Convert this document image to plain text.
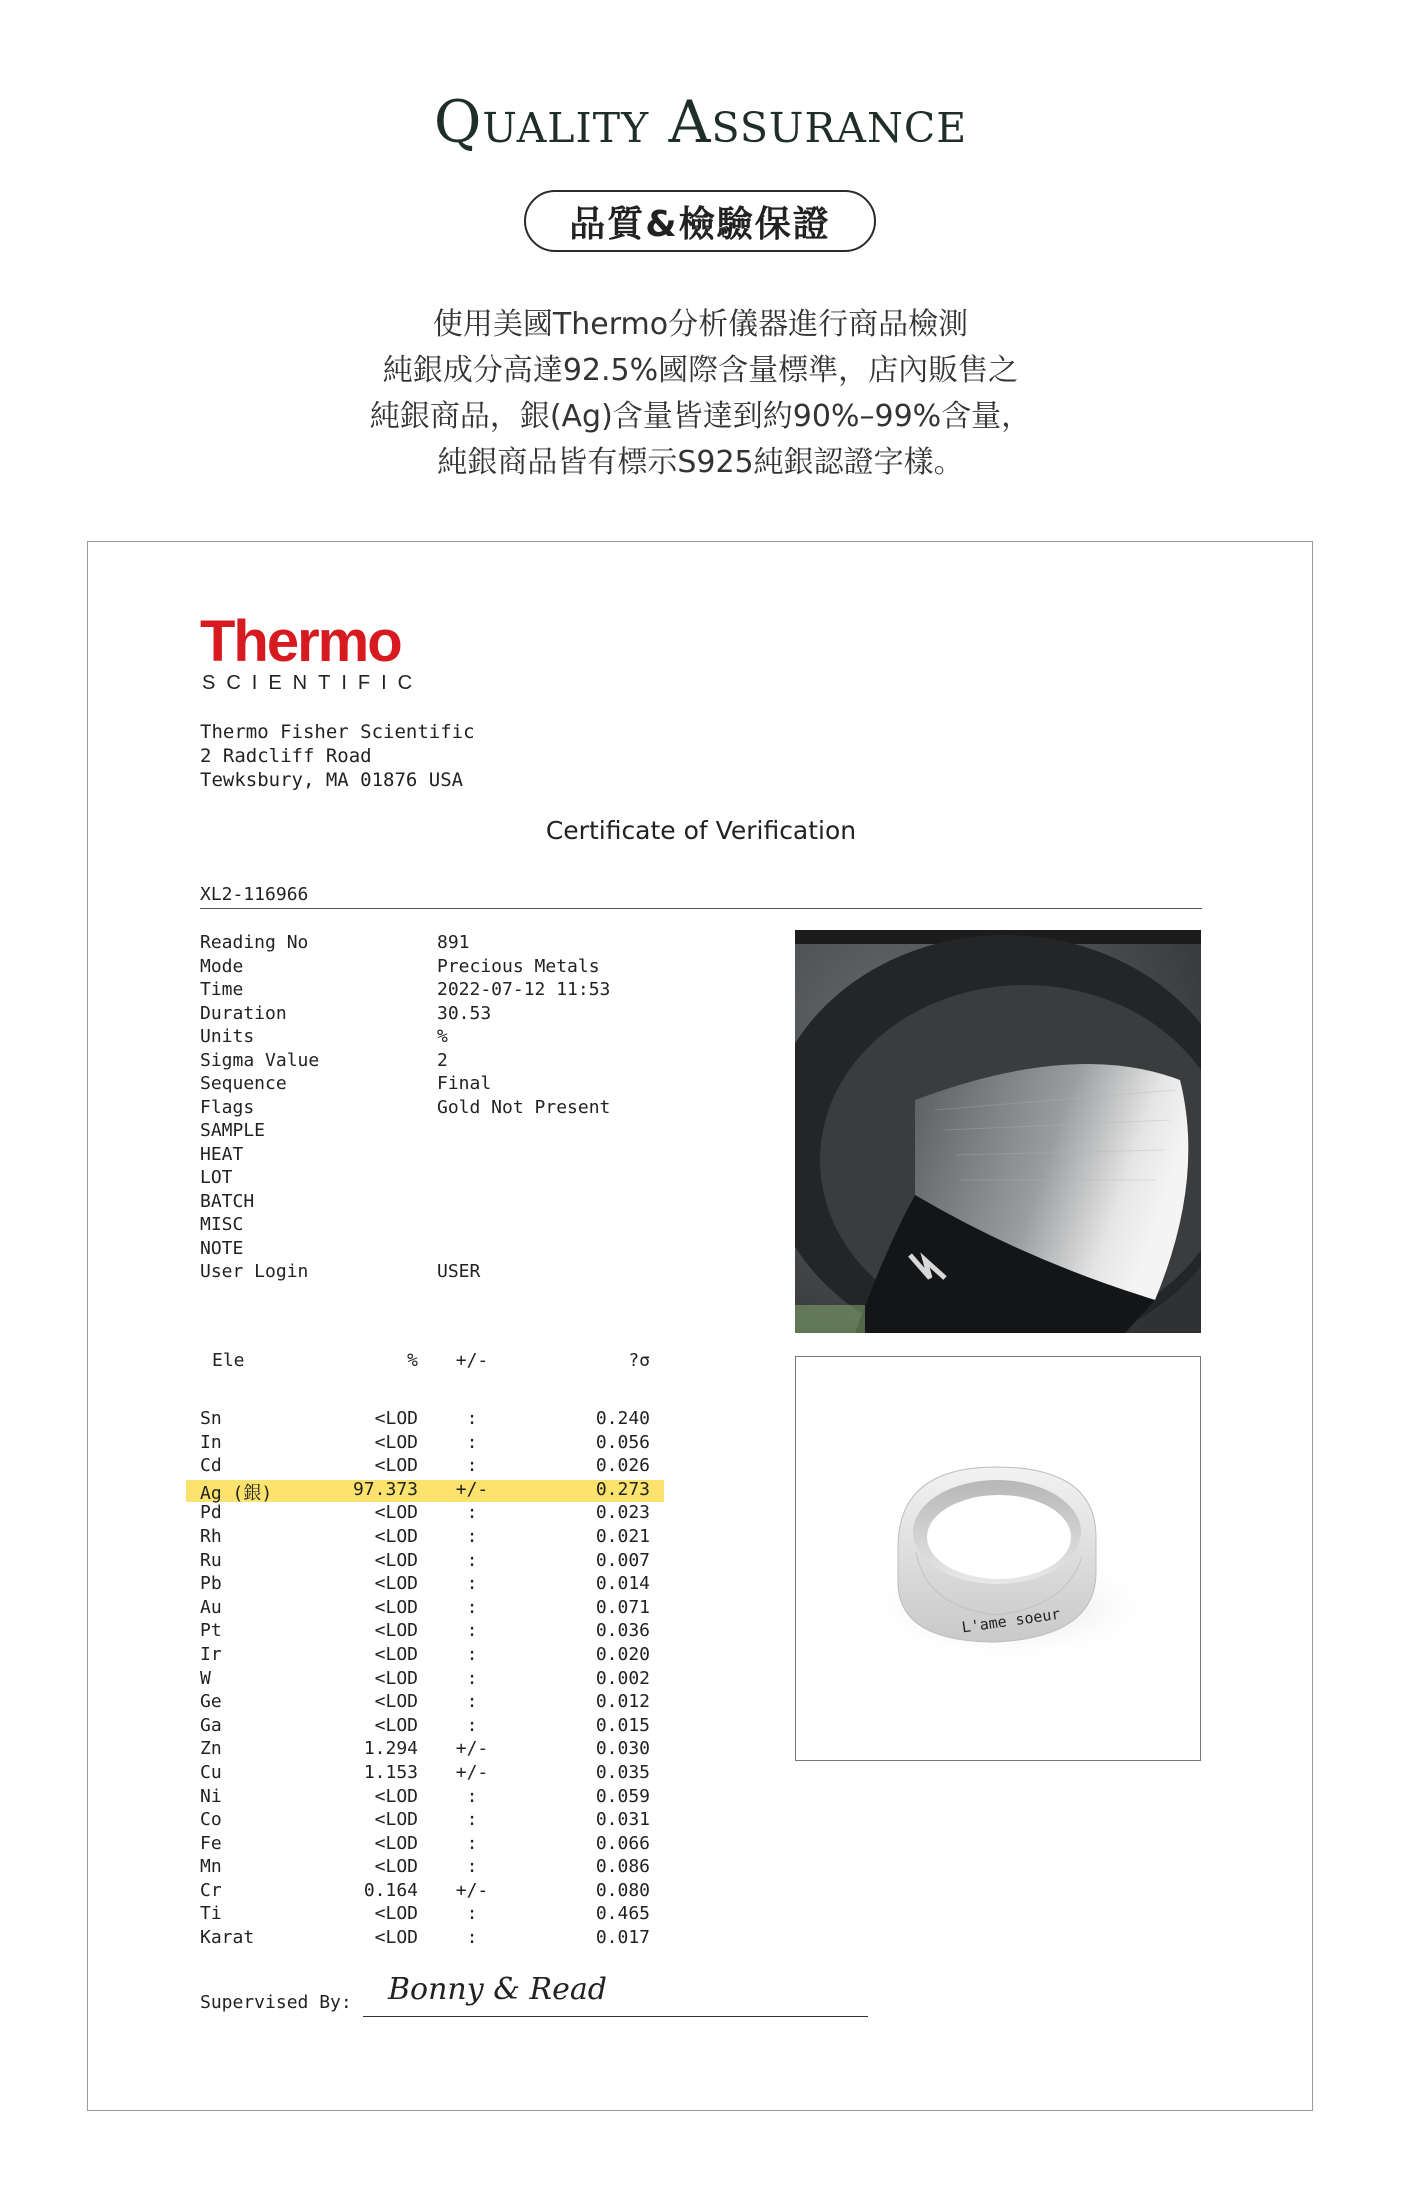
Quality Assurance
品質&檢驗保證
使用美國Thermo分析儀器進行商品檢測
純銀成分高達92.5%國際含量標準，店內販售之
純銀商品，銀(Ag)含量皆達到約90%–99%含量，
純銀商品皆有標示S925純銀認證字樣。
Thermo
SCIENTIFIC
Thermo Fisher Scientific
2 Radcliff Road
Tewksbury, MA 01876 USA
Certificate of Verification
XL2-116966
Reading No	891
Mode	Precious Metals
Time	2022-07-12 11:53
Duration	30.53
Units	%
Sigma Value	2
Sequence	Final
Flags	Gold Not Present
SAMPLE
HEAT
LOT
BATCH
MISC
NOTE
User Login	USER
L'ame soeur
Ele	%	+/-	?σ
Sn	<LOD	:	0.240
In	<LOD	:	0.056
Cd	<LOD	:	0.026
Ag (銀)	97.373	+/-	0.273
Pd	<LOD	:	0.023
Rh	<LOD	:	0.021
Ru	<LOD	:	0.007
Pb	<LOD	:	0.014
Au	<LOD	:	0.071
Pt	<LOD	:	0.036
Ir	<LOD	:	0.020
W	<LOD	:	0.002
Ge	<LOD	:	0.012
Ga	<LOD	:	0.015
Zn	1.294	+/-	0.030
Cu	1.153	+/-	0.035
Ni	<LOD	:	0.059
Co	<LOD	:	0.031
Fe	<LOD	:	0.066
Mn	<LOD	:	0.086
Cr	0.164	+/-	0.080
Ti	<LOD	:	0.465
Karat	<LOD	:	0.017
Supervised By: Bonny & Read
